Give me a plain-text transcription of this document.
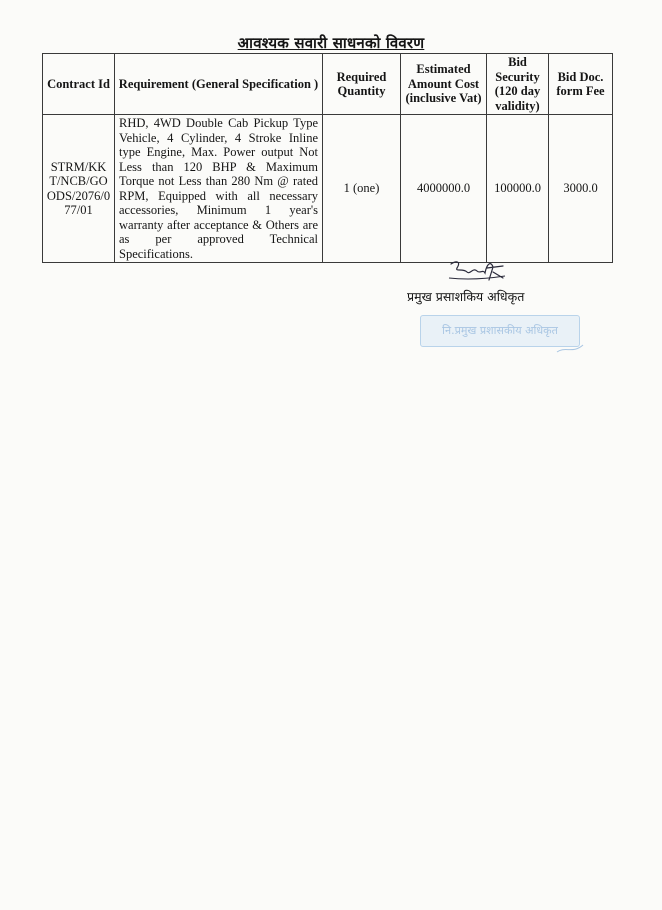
आवश्यक सवारी साधनको विवरण
Contract Id	Requirement (General Specification )	Required Quantity	Estimated Amount Cost (inclusive Vat)	Bid Security (120 day validity)	Bid Doc. form Fee
STRM/KKT/NCB/GOODS/2076/077/01	RHD, 4WD Double Cab Pickup Type Vehicle, 4 Cylinder, 4 Stroke Inline type Engine, Max. Power output Not Less than 120 BHP & Maximum Torque not Less than 280 Nm @ rated RPM, Equipped with all necessary accessories, Minimum 1 year's warranty after acceptance & Others are as per approved Technical Specifications.	1 (one)	4000000.0	100000.0	3000.0
प्रमुख प्रसाशकिय अधिकृत
नि.प्रमुख प्रशासकीय अधिकृत
